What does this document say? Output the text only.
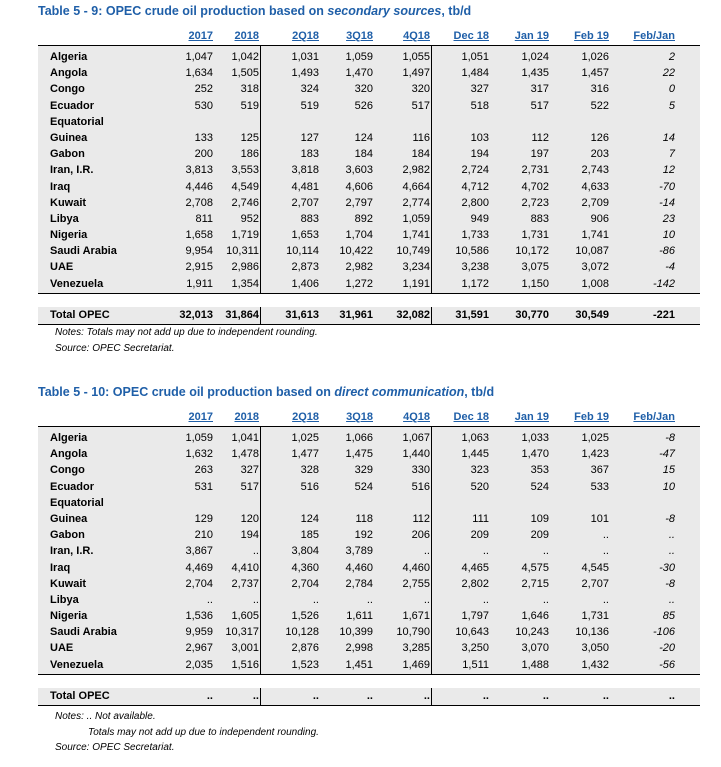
Table 5 - 9: OPEC crude oil production based on secondary sources, tb/d
2017 2018	2Q18 3Q18	4Q18 Dec 18 Jan 19 Feb 19 Feb/Jan
Algeria	1,047 1,042	1,031 1,059	1,055	1,051	1,024	1,026	2
Angola	1,634 1,505	1,493 1,470	1,497	1,484	1,435	1,457	22
Congo	252	318	324	320	320	327	317	316	0
Ecuador	530	519	519	526	517	518	517	522	5
Equatorial
Guinea	133	125	127	124	116	103	112	126	14
Gabon	200	186	183	184	184	194	197	203	7
Iran, I.R.	3,813 3,553	3,818 3,603	2,982	2,724	2,731	2,743	12
Iraq	4,446 4,549	4,481 4,606	4,664	4,712	4,702	4,633	-70
Kuwait	2,708 2,746	2,707 2,797	2,774	2,800	2,723	2,709	-14
Libya	811	952	883	892	1,059	949	883	906	23
Nigeria	1,658 1,719	1,653 1,704	1,741	1,733	1,731	1,741	10
Saudi Arabia	9,954 10,311 10,114 10,422 10,749 10,586 10,172 10,087	-86
UAE	2,915 2,986	2,873 2,982	3,234	3,238	3,075	3,072	-4
Venezuela	1,911 1,354	1,406 1,272	1,191	1,172	1,150	1,008	-142
Total OPEC	32,013 31,864 31,613 31,961 32,082 31,591 30,770 30,549	-221
Notes: Totals may not add up due to independent rounding.
Source: OPEC Secretariat.
Table 5 - 10: OPEC crude oil production based on direct communication, tb/d
2017 2018	2Q18 3Q18	4Q18 Dec 18 Jan 19 Feb 19 Feb/Jan
Algeria	1,059 1,041	1,025 1,066	1,067	1,063	1,033	1,025	-8
Angola	1,632 1,478	1,477 1,475	1,440	1,445	1,470	1,423	-47
Congo	263	327	328	329	330	323	353	367	15
Ecuador	531	517	516	524	516	520	524	533	10
Equatorial
Guinea	129	120	124	118	112	111	109	101	-8
Gabon	210	194	185	192	206	209	209	..	..
Iran, I.R.	3,867	..	3,804 3,789	..	..	..	..	..
Iraq	4,469 4,410	4,360 4,460	4,460	4,465	4,575	4,545	-30
Kuwait	2,704 2,737	2,704 2,784	2,755	2,802	2,715	2,707	-8
Libya	..	..	..	..	..	..	..	..	..
Nigeria	1,536 1,605	1,526 1,611	1,671	1,797	1,646	1,731	85
Saudi Arabia	9,959 10,317 10,128 10,399 10,790 10,643 10,243 10,136	-106
UAE	2,967 3,001	2,876 2,998	3,285	3,250	3,070	3,050	-20
Venezuela	2,035 1,516	1,523 1,451	1,469	1,511	1,488	1,432	-56
Total OPEC	..	..	..	..	..	..	..	..	..
Notes: .. Not available.
Totals may not add up due to independent rounding.
Source: OPEC Secretariat.
